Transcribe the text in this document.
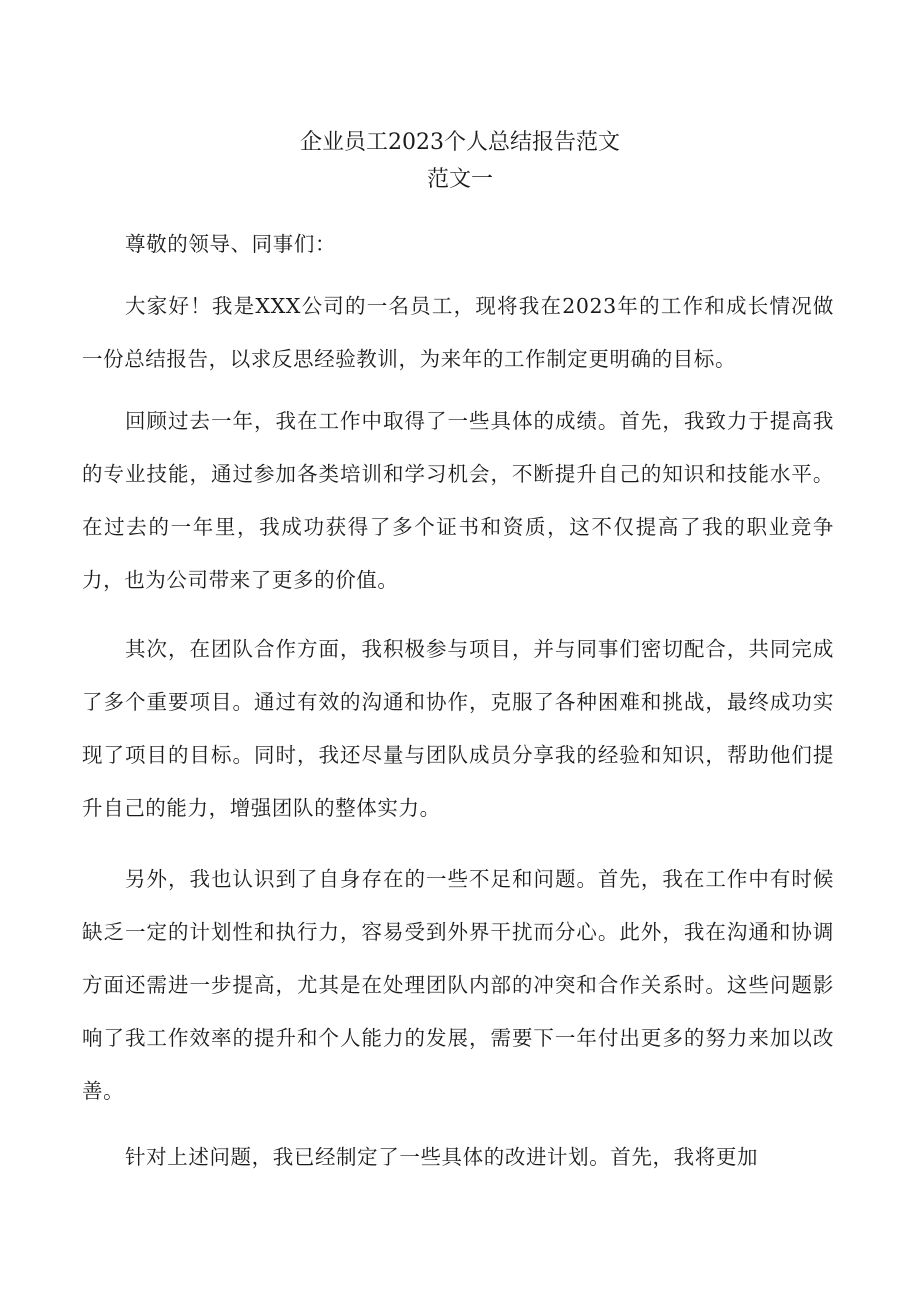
企业员工2023个人总结报告范文
范文一

尊敬的领导、同事们：

大家好！我是XXX公司的一名员工，现将我在2023年的工作和成长情况做一份总结报告，以求反思经验教训，为来年的工作制定更明确的目标。

回顾过去一年，我在工作中取得了一些具体的成绩。首先，我致力于提高我的专业技能，通过参加各类培训和学习机会，不断提升自己的知识和技能水平。在过去的一年里，我成功获得了多个证书和资质，这不仅提高了我的职业竞争力，也为公司带来了更多的价值。

其次，在团队合作方面，我积极参与项目，并与同事们密切配合，共同完成了多个重要项目。通过有效的沟通和协作，克服了各种困难和挑战，最终成功实现了项目的目标。同时，我还尽量与团队成员分享我的经验和知识，帮助他们提升自己的能力，增强团队的整体实力。

另外，我也认识到了自身存在的一些不足和问题。首先，我在工作中有时候缺乏一定的计划性和执行力，容易受到外界干扰而分心。此外，我在沟通和协调方面还需进一步提高，尤其是在处理团队内部的冲突和合作关系时。这些问题影响了我工作效率的提升和个人能力的发展，需要下一年付出更多的努力来加以改善。

针对上述问题，我已经制定了一些具体的改进计划。首先，我将更加
